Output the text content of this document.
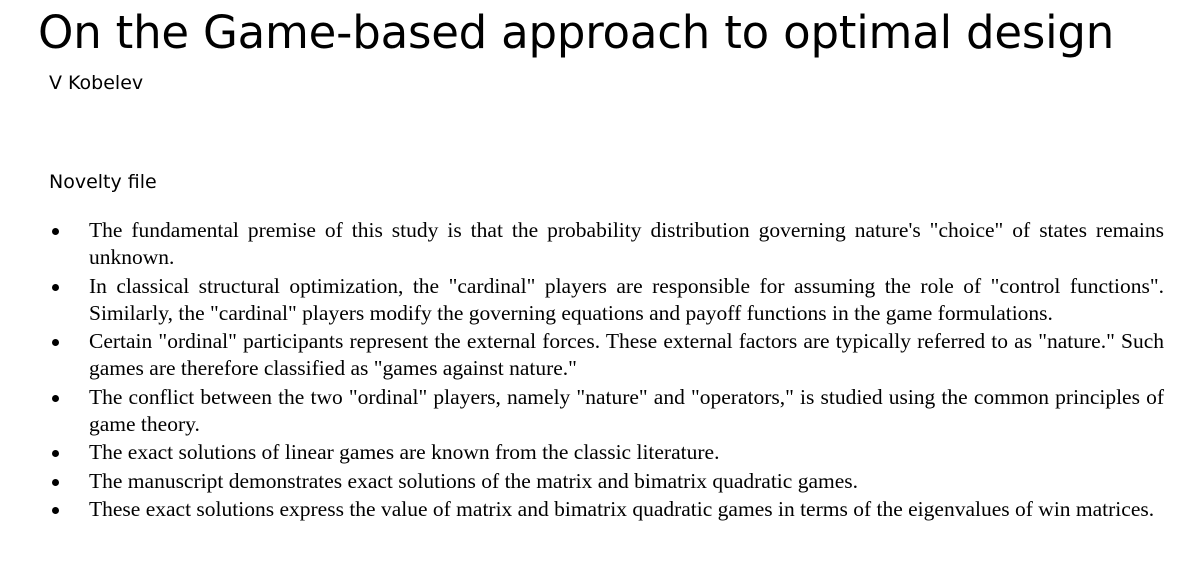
On the Game-based approach to optimal design
V Kobelev
Novelty file
The fundamental premise of this study is that the probability distribution governing nature's "choice" of states remains unknown.
In classical structural optimization, the "cardinal" players are responsible for assuming the role of "control functions". Similarly, the "cardinal" players modify the governing equations and payoff functions in the game formulations.
Certain "ordinal" participants represent the external forces. These external factors are typically referred to as "nature." Such games are therefore classified as "games against nature."
The conflict between the two "ordinal" players, namely "nature" and "operators," is studied using the common principles of game theory.
The exact solutions of linear games are known from the classic literature.
The manuscript demonstrates exact solutions of the matrix and bimatrix quadratic games.
These exact solutions express the value of matrix and bimatrix quadratic games in terms of the eigenvalues of win matrices.
